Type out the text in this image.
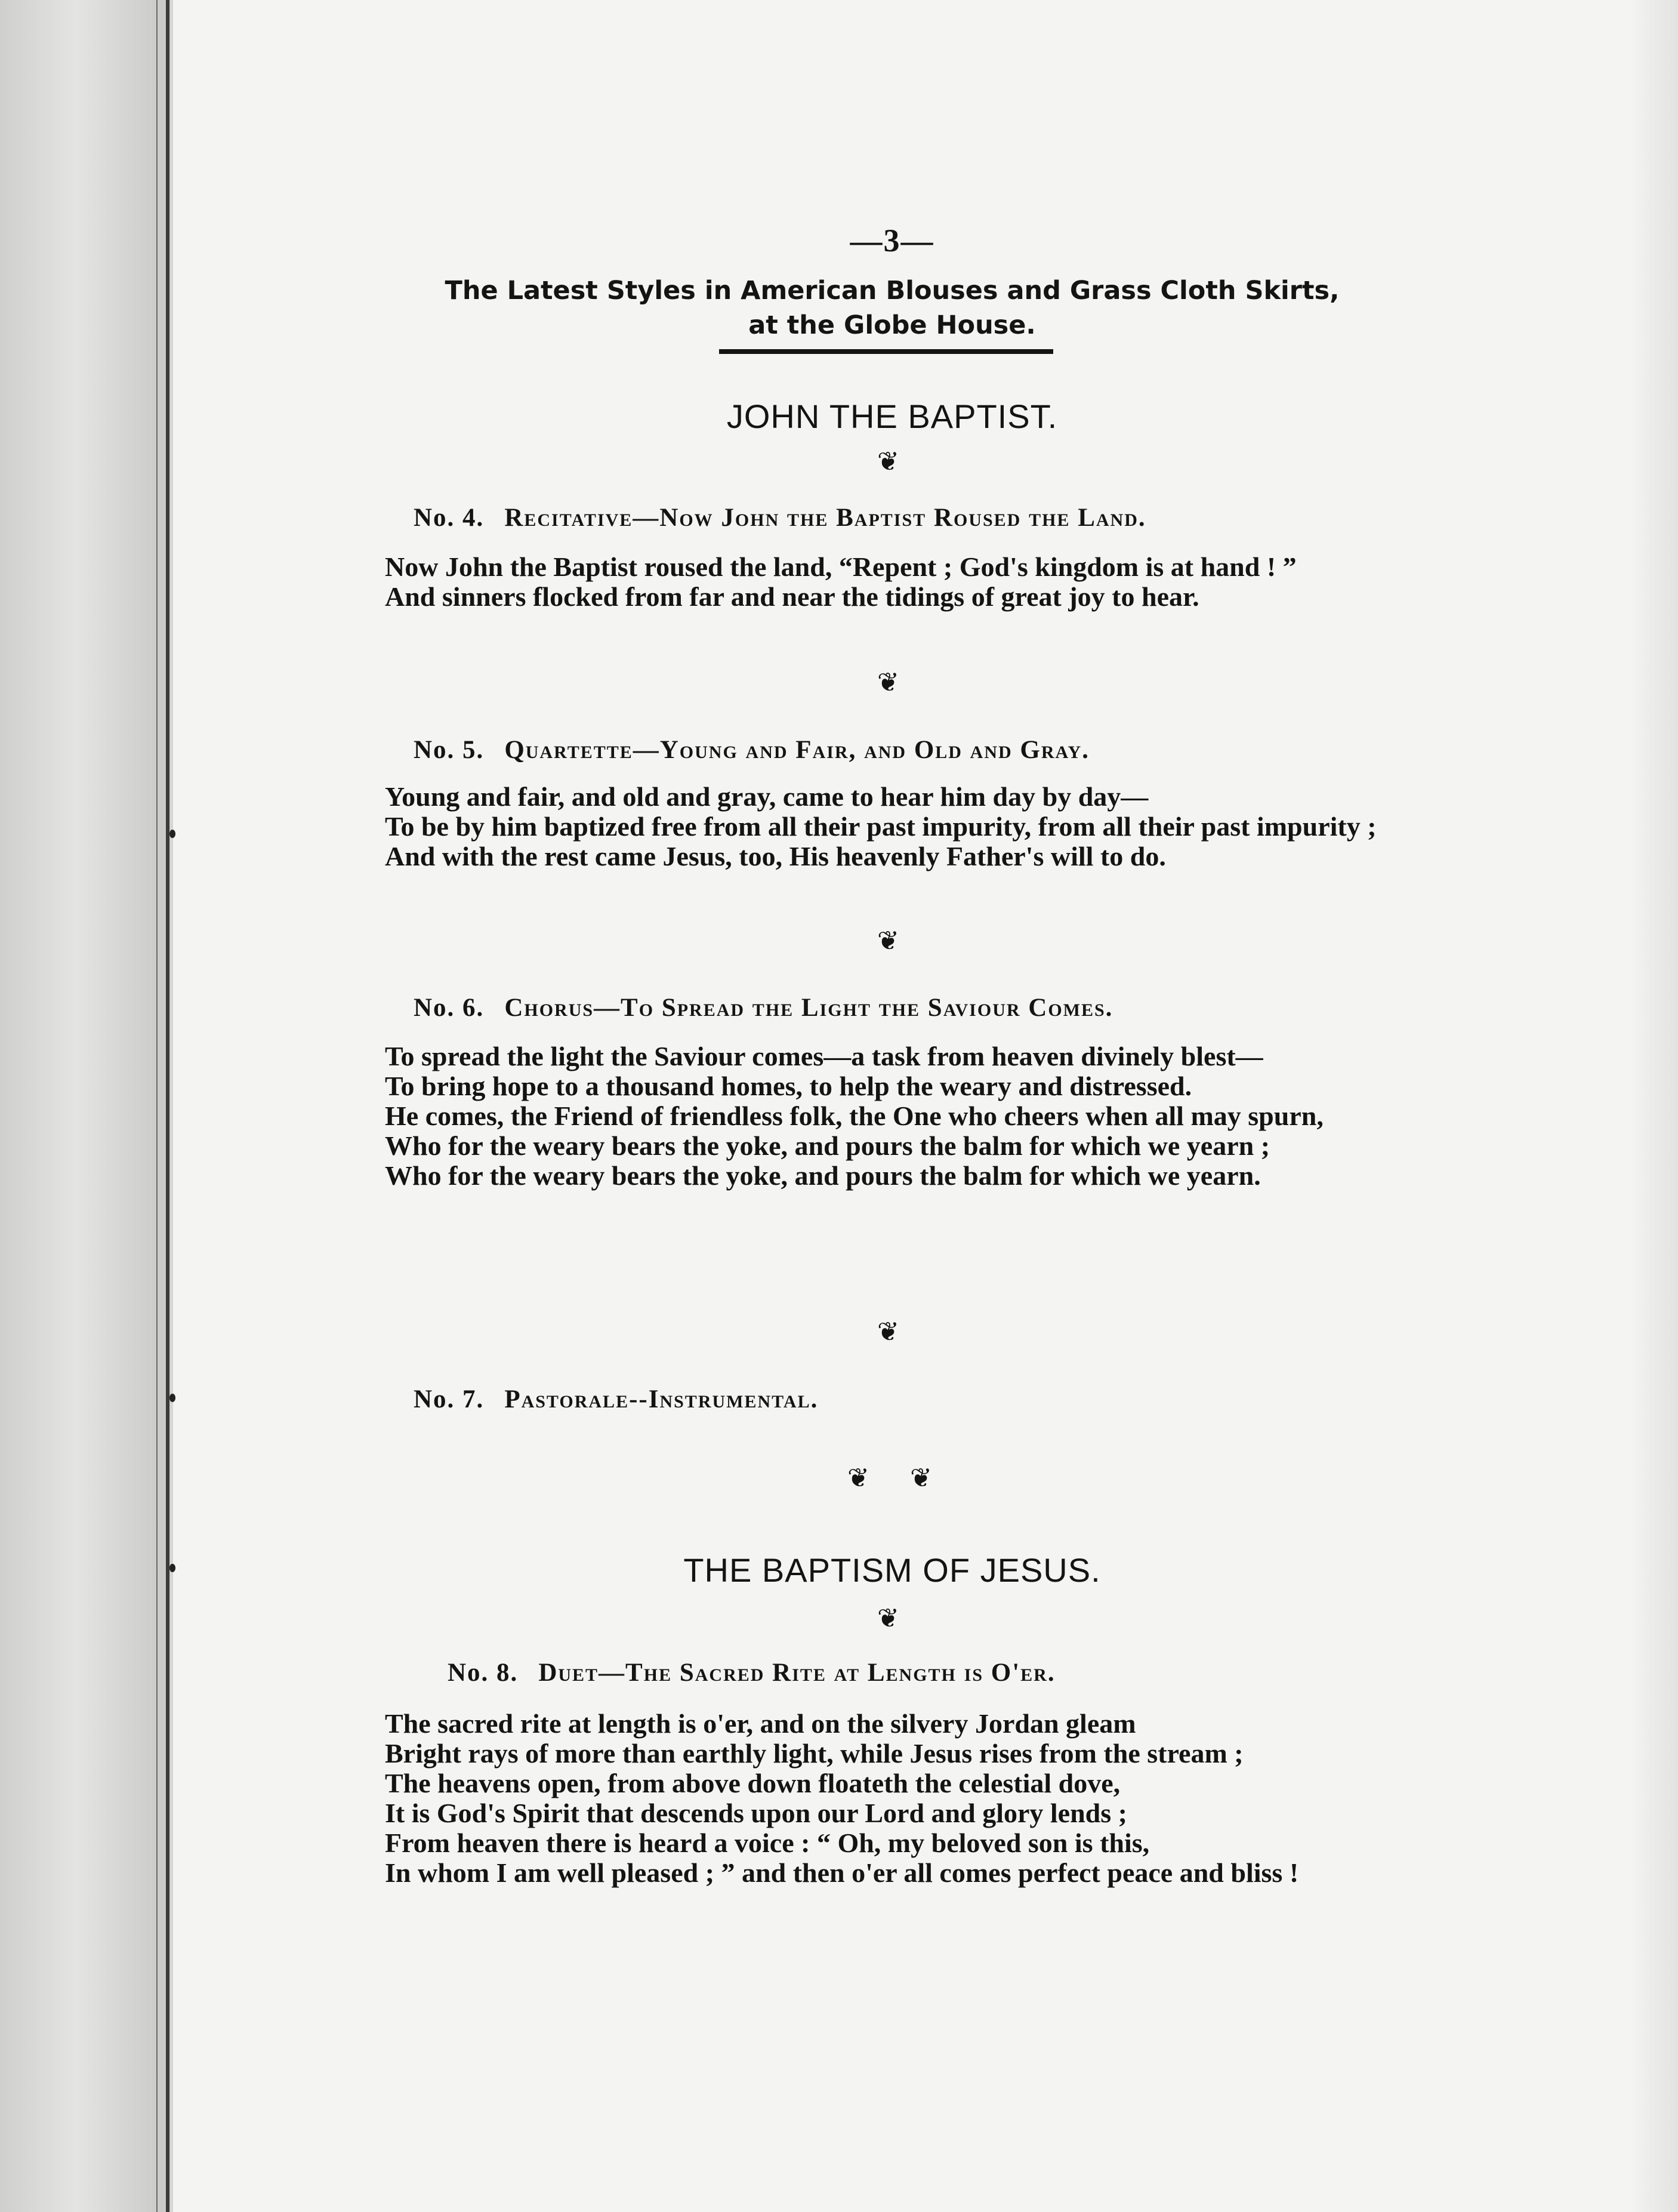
—3—
The Latest Styles in American Blouses and Grass Cloth Skirts,
at the Globe House.
JOHN THE BAPTIST.
❦
No. 4. Recitative—Now John the Baptist Roused the Land.
Now John the Baptist roused the land, “Repent ; God's kingdom is at hand ! ”
And sinners flocked from far and near the tidings of great joy to hear.
❦
No. 5. Quartette—Young and Fair, and Old and Gray.
Young and fair, and old and gray, came to hear him day by day—
To be by him baptized free from all their past impurity, from all their past impurity ;
And with the rest came Jesus, too, His heavenly Father's will to do.
❦
No. 6. Chorus—To Spread the Light the Saviour Comes.
To spread the light the Saviour comes—a task from heaven divinely blest—
To bring hope to a thousand homes, to help the weary and distressed.
He comes, the Friend of friendless folk, the One who cheers when all may spurn,
Who for the weary bears the yoke, and pours the balm for which we yearn ;
Who for the weary bears the yoke, and pours the balm for which we yearn.
❦
No. 7. Pastorale--Instrumental.
❦ ❦
THE BAPTISM OF JESUS.
❦
No. 8. Duet—The Sacred Rite at Length is O'er.
The sacred rite at length is o'er, and on the silvery Jordan gleam
Bright rays of more than earthly light, while Jesus rises from the stream ;
The heavens open, from above down floateth the celestial dove,
It is God's Spirit that descends upon our Lord and glory lends ;
From heaven there is heard a voice : “ Oh, my beloved son is this,
In whom I am well pleased ; ” and then o'er all comes perfect peace and bliss !
